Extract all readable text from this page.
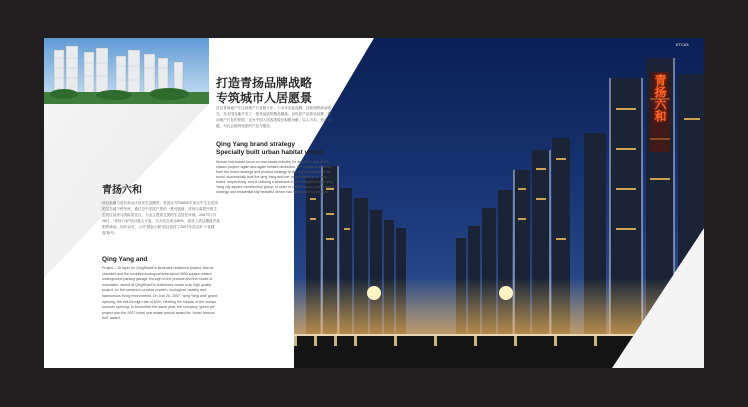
青扬六和

项目坐落与延东高山区怡东生活圈里，首创北方的8000平米空中生态花园的生态地下停车库，通过空中花园户型的一系列创新，体现与离居民的生态居住品质与国际居住区，为业主提供完美的生态居住环境。2007年7月28日，“青扬六和”项目盛大开盘，当天成交率达80%，创造了武汉楼盘开盘销售神话。同年12月，公司“绿色六和”项目获得了2007年武汉市“十佳楼盘”称号。

Qing Yang and

Project – 16 layer for QingShanDu landmark residence project, first air chamber and the luxuriant ecological area about 4000 square meters underground parking garage, through to the product and the model of innovation, aimed at QingShanDu customers create truly high quality project, for the owners to provide modern, ecological, healthy and harmonious living environment. On July 28, 2007, “qing Yang and” grand opening, the sell-through rate of 80%, creating the miracle of the wuhan summer opening. In December the same year, the company “green art” project won the 2007 hubei real estate annual award for “hubei famous doll” award.

青扬六和
ETC#3
打造青扬品牌战略
专筑城市人居愿景

武汉青扬地产专注房地产行业数十年，十余年沉淀品牌，以独到的商业眼光，在全国各地开发了一批高品质的精品楼盘，以优质产品带动品牌，推动地产行业的发展，也为中国人居改善做出积极贡献，以人为本，追求卓越，为社会提供优质的产品与服务。

Qing Yang brand strategy
Specially built urban habitat vision

Wuhan real estate focus on real estate industry for decades, one of the classic project, again and again brilliant deduction, the wuhan real estate from the brand strategy and product strategy to the transformation of the world, successfully built the qing Yang and her name plates qing Yang brand, respectively, and is building a landmark in the comprehensive qing Yang city square construction group, in order to realize green young brand strategy and residential city beautiful dream has laid a solid foundation.
